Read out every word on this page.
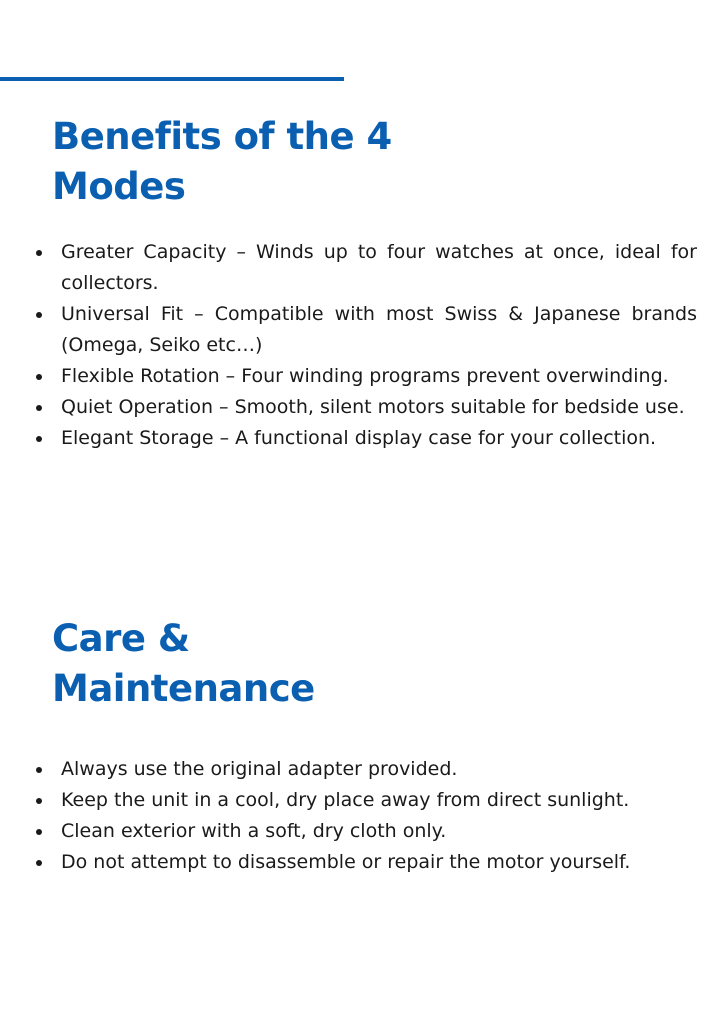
Benefits of the 4
Modes
Greater Capacity – Winds up to four watches at once, ideal for collectors.
Universal Fit – Compatible with most Swiss & Japanese brands (Omega, Seiko etc…)
Flexible Rotation – Four winding programs prevent overwinding.
Quiet Operation – Smooth, silent motors suitable for bedside use.
Elegant Storage – A functional display case for your collection.
Care &
Maintenance
Always use the original adapter provided.
Keep the unit in a cool, dry place away from direct sunlight.
Clean exterior with a soft, dry cloth only.
Do not attempt to disassemble or repair the motor yourself.
